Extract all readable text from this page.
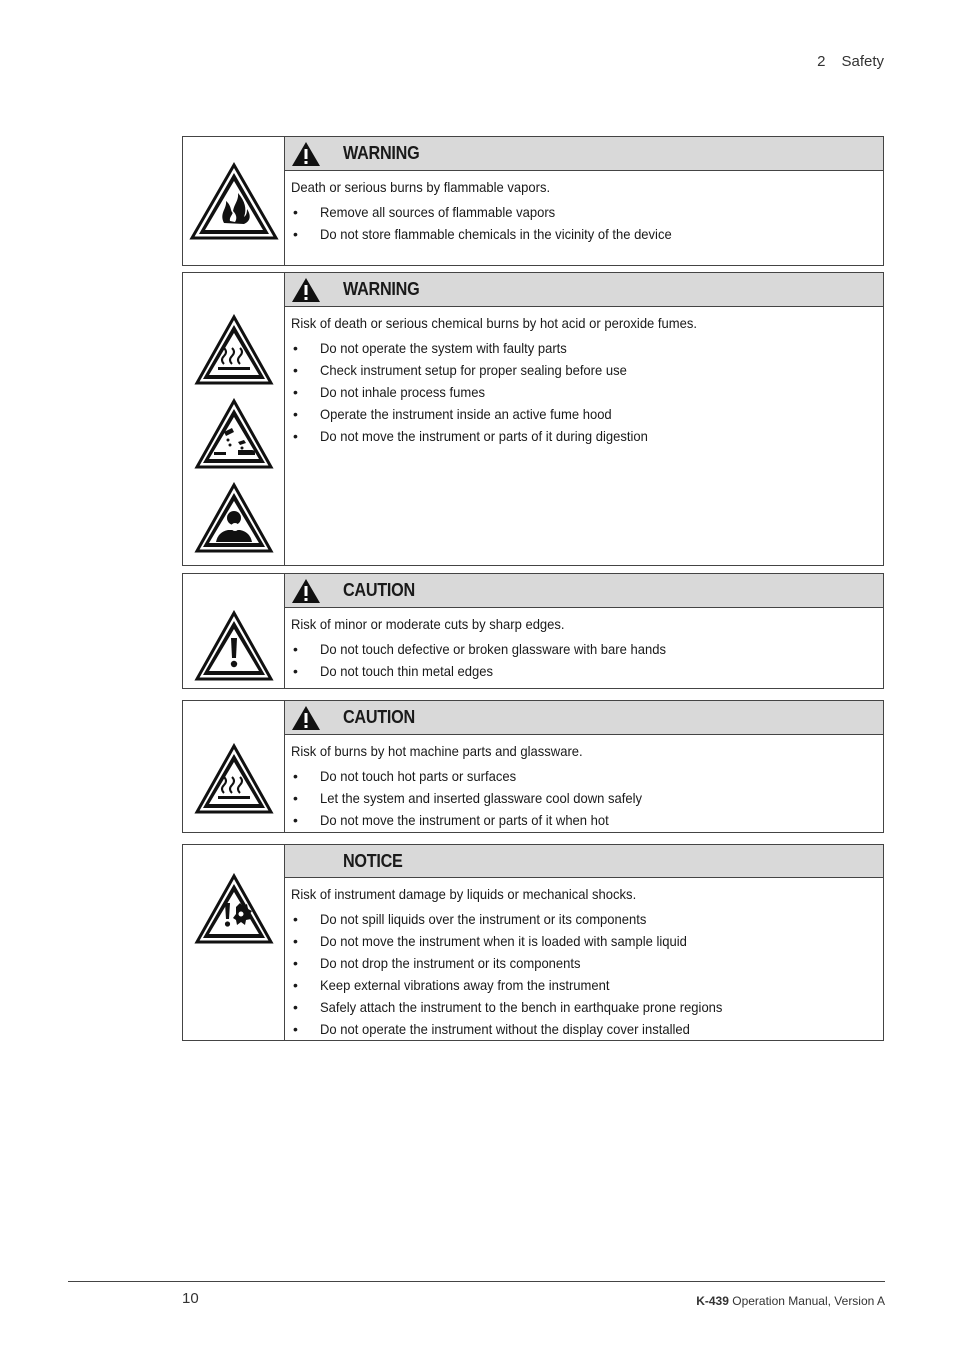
2 Safety
WARNING
Death or serious burns by flammable vapors.
• Remove all sources of flammable vapors
• Do not store flammable chemicals in the vicinity of the device
WARNING
Risk of death or serious chemical burns by hot acid or peroxide fumes.
• Do not operate the system with faulty parts
• Check instrument setup for proper sealing before use
• Do not inhale process fumes
• Operate the instrument inside an active fume hood
• Do not move the instrument or parts of it during digestion
CAUTION
Risk of minor or moderate cuts by sharp edges.
• Do not touch defective or broken glassware with bare hands
• Do not touch thin metal edges
CAUTION
Risk of burns by hot machine parts and glassware.
• Do not touch hot parts or surfaces
• Let the system and inserted glassware cool down safely
• Do not move the instrument or parts of it when hot
NOTICE
Risk of instrument damage by liquids or mechanical shocks.
• Do not spill liquids over the instrument or its components
• Do not move the instrument when it is loaded with sample liquid
• Do not drop the instrument or its components
• Keep external vibrations away from the instrument
• Safely attach the instrument to the bench in earthquake prone regions
• Do not operate the instrument without the display cover installed
10	K-439 Operation Manual, Version A
